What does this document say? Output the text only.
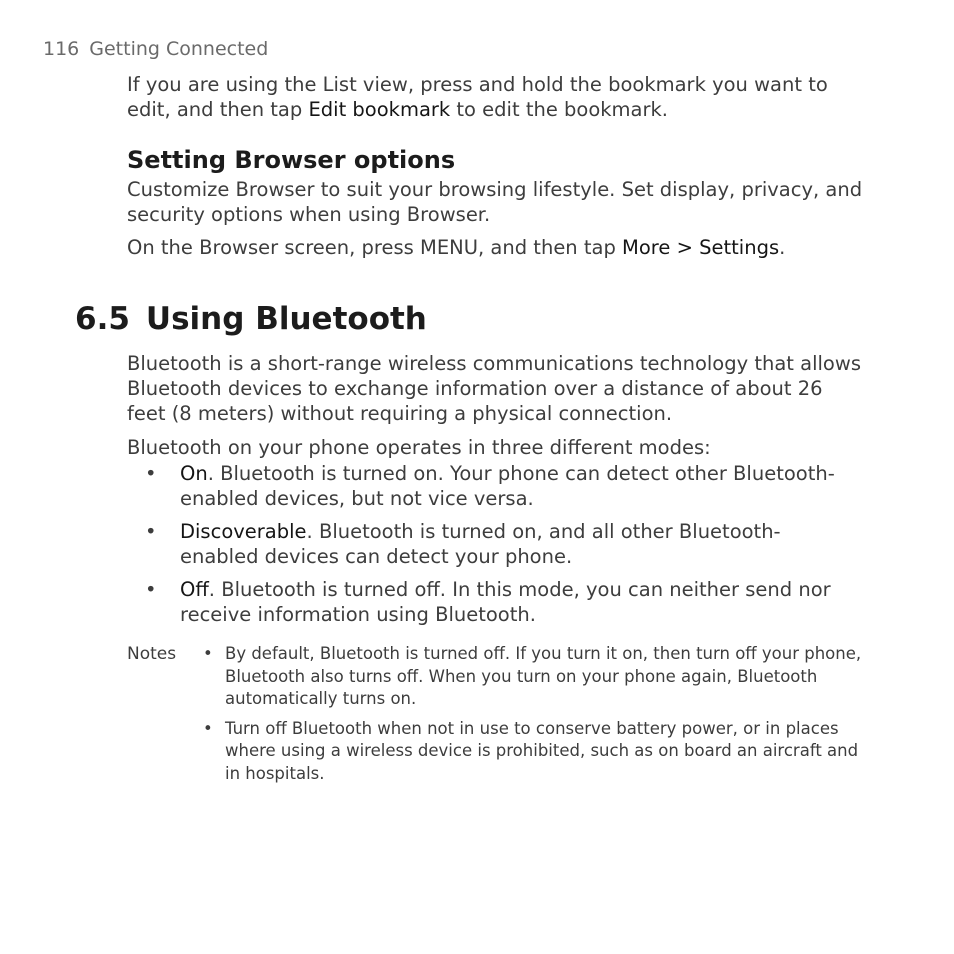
116 Getting Connected

If you are using the List view, press and hold the bookmark you want to edit, and then tap Edit bookmark to edit the bookmark.

Setting Browser options

Customize Browser to suit your browsing lifestyle. Set display, privacy, and security options when using Browser.

On the Browser screen, press MENU, and then tap More > Settings.

6.5 Using Bluetooth

Bluetooth is a short-range wireless communications technology that allows Bluetooth devices to exchange information over a distance of about 26 feet (8 meters) without requiring a physical connection.

Bluetooth on your phone operates in three different modes:

• On. Bluetooth is turned on. Your phone can detect other Bluetooth-enabled devices, but not vice versa.
• Discoverable. Bluetooth is turned on, and all other Bluetooth-enabled devices can detect your phone.
• Off. Bluetooth is turned off. In this mode, you can neither send nor receive information using Bluetooth.
Notes • By default, Bluetooth is turned off. If you turn it on, then turn off your phone, Bluetooth also turns off. When you turn on your phone again, Bluetooth automatically turns on.
• Turn off Bluetooth when not in use to conserve battery power, or in places where using a wireless device is prohibited, such as on board an aircraft and in hospitals.
